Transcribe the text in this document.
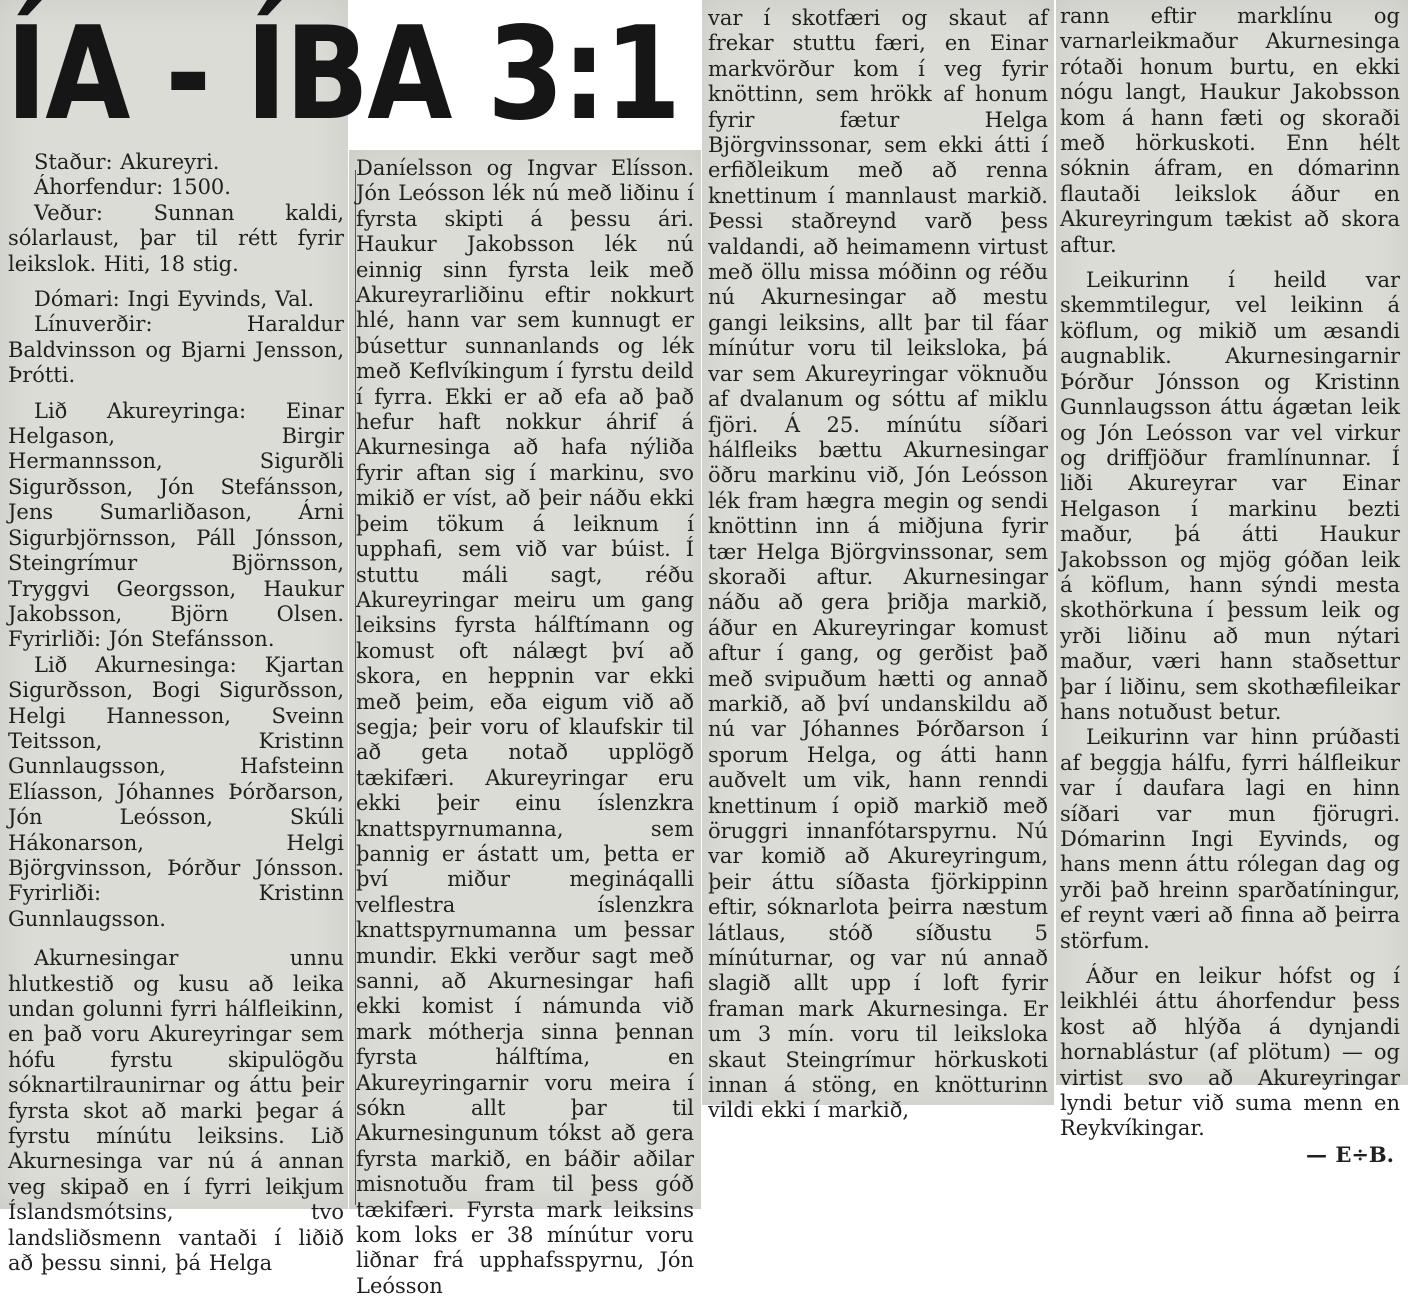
ÍA - ÍBA 3:1

Staður: Akureyri.

Áhorfendur: 1500.

Veður: Sunnan kaldi, sólarlaust, þar til rétt fyrir leikslok. Hiti, 18 stig.

Dómari: Ingi Eyvinds, Val.

Línuverðir: Haraldur Baldvinsson og Bjarni Jensson, Þrótti.

Lið Akureyringa: Einar Helgason, Birgir Hermannsson, Sigurðli Sigurðsson, Jón Stefánsson, Jens Sumarliðason, Árni Sigurbjörnsson, Páll Jónsson, Steingrímur Björnsson, Tryggvi Georgsson, Haukur Jakobsson, Björn Olsen. Fyrirliði: Jón Stefánsson.

Lið Akurnesinga: Kjartan Sigurðsson, Bogi Sigurðsson, Helgi Hannesson, Sveinn Teitsson, Kristinn Gunnlaugsson, Hafsteinn Elíasson, Jóhannes Þórðarson, Jón Leósson, Skúli Hákonarson, Helgi Björgvinsson, Þórður Jónsson. Fyrirliði: Kristinn Gunnlaugsson.

Akurnesingar unnu hlutkestið og kusu að leika undan golunni fyrri hálfleikinn, en það voru Akureyringar sem hófu fyrstu skipulögðu sóknartilraunirnar og áttu þeir fyrsta skot að marki þegar á fyrstu mínútu leiksins. Lið Akurnesinga var nú á annan veg skipað en í fyrri leikjum Íslandsmótsins, tvo landsliðsmenn vantaði í liðið að þessu sinni, þá Helga

Daníelsson og Ingvar Elísson. Jón Leósson lék nú með liðinu í fyrsta skipti á þessu ári. Haukur Jakobsson lék nú einnig sinn fyrsta leik með Akureyrarliðinu eftir nokkurt hlé, hann var sem kunnugt er búsettur sunnanlands og lék með Keflvíkingum í fyrstu deild í fyrra. Ekki er að efa að það hefur haft nokkur áhrif á Akurnesinga að hafa nýliða fyrir aftan sig í markinu, svo mikið er víst, að þeir náðu ekki þeim tökum á leiknum í upphafi, sem við var búist. Í stuttu máli sagt, réðu Akureyringar meiru um gang leiksins fyrsta hálftímann og komust oft nálægt því að skora, en heppnin var ekki með þeim, eða eigum við að segja; þeir voru of klaufskir til að geta notað upplögð tækifæri. Akureyringar eru ekki þeir einu íslenzkra knattspyrnumanna, sem þannig er ástatt um, þetta er því miður megináqalli velflestra íslenzkra knattspyrnumanna um þessar mundir. Ekki verður sagt með sanni, að Akurnesingar hafi ekki komist í námunda við mark mótherja sinna þennan fyrsta hálftíma, en Akureyringarnir voru meira í sókn allt þar til Akurnesingunum tókst að gera fyrsta markið, en báðir aðilar misnotuðu fram til þess góð tækifæri. Fyrsta mark leiksins kom loks er 38 mínútur voru liðnar frá upphafsspyrnu, Jón Leósson

var í skotfæri og skaut af frekar stuttu færi, en Einar markvörður kom í veg fyrir knöttinn, sem hrökk af honum fyrir fætur Helga Björgvinssonar, sem ekki átti í erfiðleikum með að renna knettinum í mannlaust markið. Þessi staðreynd varð þess valdandi, að heimamenn virtust með öllu missa móðinn og réðu nú Akurnesingar að mestu gangi leiksins, allt þar til fáar mínútur voru til leiksloka, þá var sem Akureyringar vöknuðu af dvalanum og sóttu af miklu fjöri. Á 25. mínútu síðari hálfleiks bættu Akurnesingar öðru markinu við, Jón Leósson lék fram hægra megin og sendi knöttinn inn á miðjuna fyrir tær Helga Björgvinssonar, sem skoraði aftur. Akurnesingar náðu að gera þriðja markið, áður en Akureyringar komust aftur í gang, og gerðist það með svipuðum hætti og annað markið, að því undanskildu að nú var Jóhannes Þórðarson í sporum Helga, og átti hann auðvelt um vik, hann renndi knettinum í opið markið með öruggri innanfótarspyrnu. Nú var komið að Akureyringum, þeir áttu síðasta fjörkippinn eftir, sóknarlota þeirra næstum látlaus, stóð síðustu 5 mínúturnar, og var nú annað slagið allt upp í loft fyrir framan mark Akurnesinga. Er um 3 mín. voru til leiksloka skaut Steingrímur hörkuskoti innan á stöng, en knötturinn vildi ekki í markið,

rann eftir marklínu og varnarleikmaður Akurnesinga rótaði honum burtu, en ekki nógu langt, Haukur Jakobsson kom á hann fæti og skoraði með hörkuskoti. Enn hélt sóknin áfram, en dómarinn flautaði leikslok áður en Akureyringum tækist að skora aftur.

Leikurinn í heild var skemmtilegur, vel leikinn á köflum, og mikið um æsandi augnablik. Akurnesingarnir Þórður Jónsson og Kristinn Gunnlaugsson áttu ágætan leik og Jón Leósson var vel virkur og driffjöður framlínunnar. Í liði Akureyrar var Einar Helgason í markinu bezti maður, þá átti Haukur Jakobsson og mjög góðan leik á köflum, hann sýndi mesta skothörkuna í þessum leik og yrði liðinu að mun nýtari maður, væri hann staðsettur þar í liðinu, sem skothæfileikar hans notuðust betur.

Leikurinn var hinn prúðasti af beggja hálfu, fyrri hálfleikur var í daufara lagi en hinn síðari var mun fjörugri. Dómarinn Ingi Eyvinds, og hans menn áttu rólegan dag og yrði það hreinn sparðatíningur, ef reynt væri að finna að þeirra störfum.

Áður en leikur hófst og í leikhléi áttu áhorfendur þess kost að hlýða á dynjandi hornablástur (af plötum) — og virtist svo að Akureyringar lyndi betur við suma menn en Reykvíkingar.

— E÷B.
